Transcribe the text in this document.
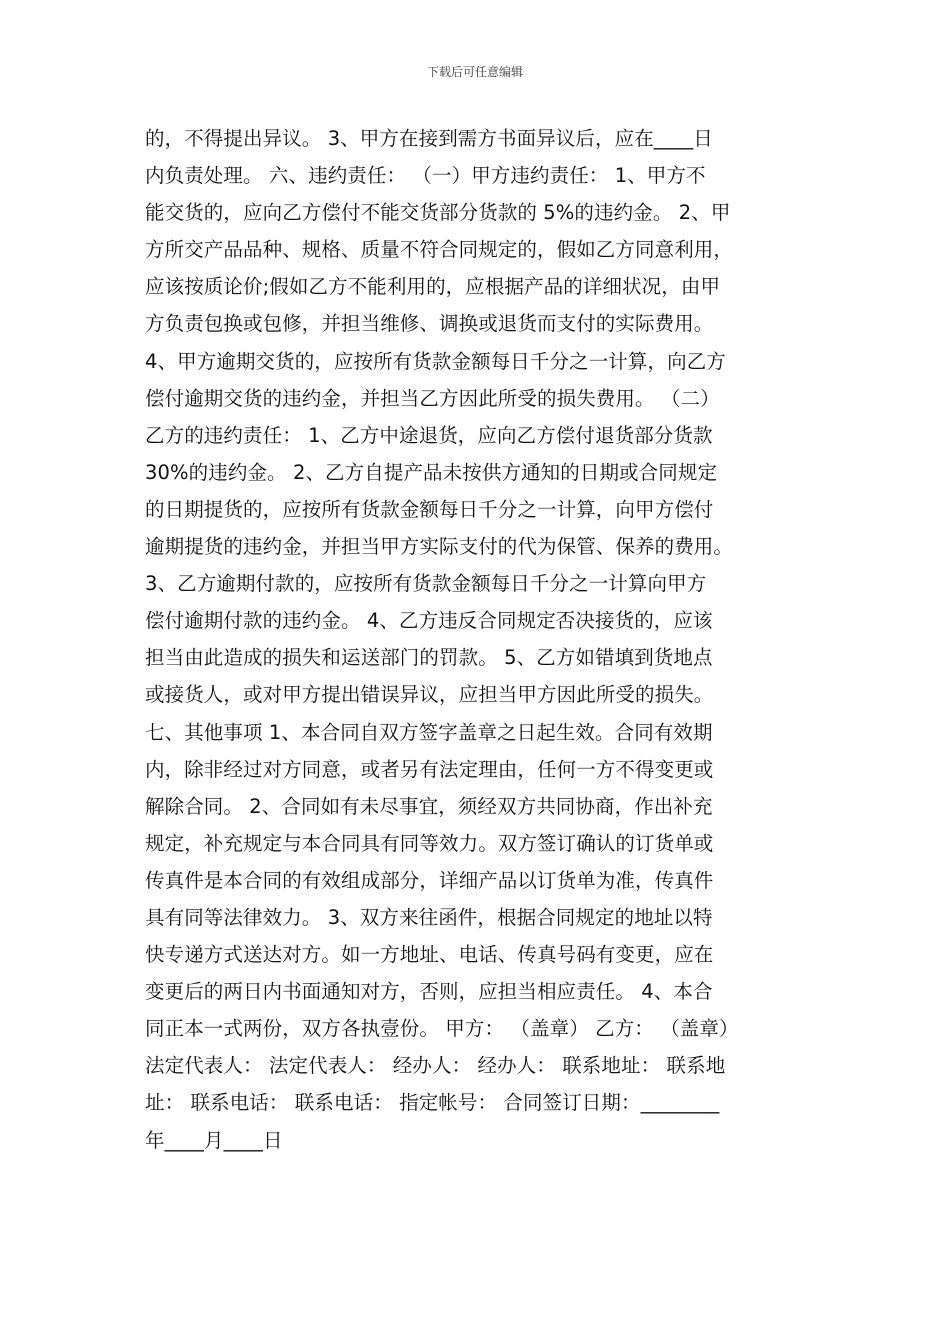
下载后可任意编辑
的，不得提出异议。 3、甲方在接到需方书面异议后，应在____日
内负责处理。 六、违约责任： （一）甲方违约责任： 1、甲方不
能交货的，应向乙方偿付不能交货部分货款的 5%的违约金。 2、甲
方所交产品品种、规格、质量不符合同规定的，假如乙方同意利用，
应该按质论价;假如乙方不能利用的，应根据产品的详细状况，由甲
方负责包换或包修，并担当维修、调换或退货而支付的实际费用。
4、甲方逾期交货的，应按所有货款金额每日千分之一计算，向乙方
偿付逾期交货的违约金，并担当乙方因此所受的损失费用。 （二）
乙方的违约责任： 1、乙方中途退货，应向乙方偿付退货部分货款
30%的违约金。 2、乙方自提产品未按供方通知的日期或合同规定
的日期提货的，应按所有货款金额每日千分之一计算，向甲方偿付
逾期提货的违约金，并担当甲方实际支付的代为保管、保养的费用。
3、乙方逾期付款的，应按所有货款金额每日千分之一计算向甲方
偿付逾期付款的违约金。 4、乙方违反合同规定否决接货的，应该
担当由此造成的损失和运送部门的罚款。 5、乙方如错填到货地点
或接货人，或对甲方提出错误异议，应担当甲方因此所受的损失。
七、其他事项 1、本合同自双方签字盖章之日起生效。合同有效期
内，除非经过对方同意，或者另有法定理由，任何一方不得变更或
解除合同。 2、合同如有未尽事宜，须经双方共同协商，作出补充
规定，补充规定与本合同具有同等效力。双方签订确认的订货单或
传真件是本合同的有效组成部分，详细产品以订货单为准，传真件
具有同等法律效力。 3、双方来往函件，根据合同规定的地址以特
快专递方式送达对方。如一方地址、电话、传真号码有变更，应在
变更后的两日内书面通知对方，否则，应担当相应责任。 4、本合
同正本一式两份，双方各执壹份。 甲方： （盖章） 乙方： （盖章）
法定代表人： 法定代表人： 经办人： 经办人： 联系地址： 联系地
址： 联系电话： 联系电话： 指定帐号： 合同签订日期：________
年____月____日
